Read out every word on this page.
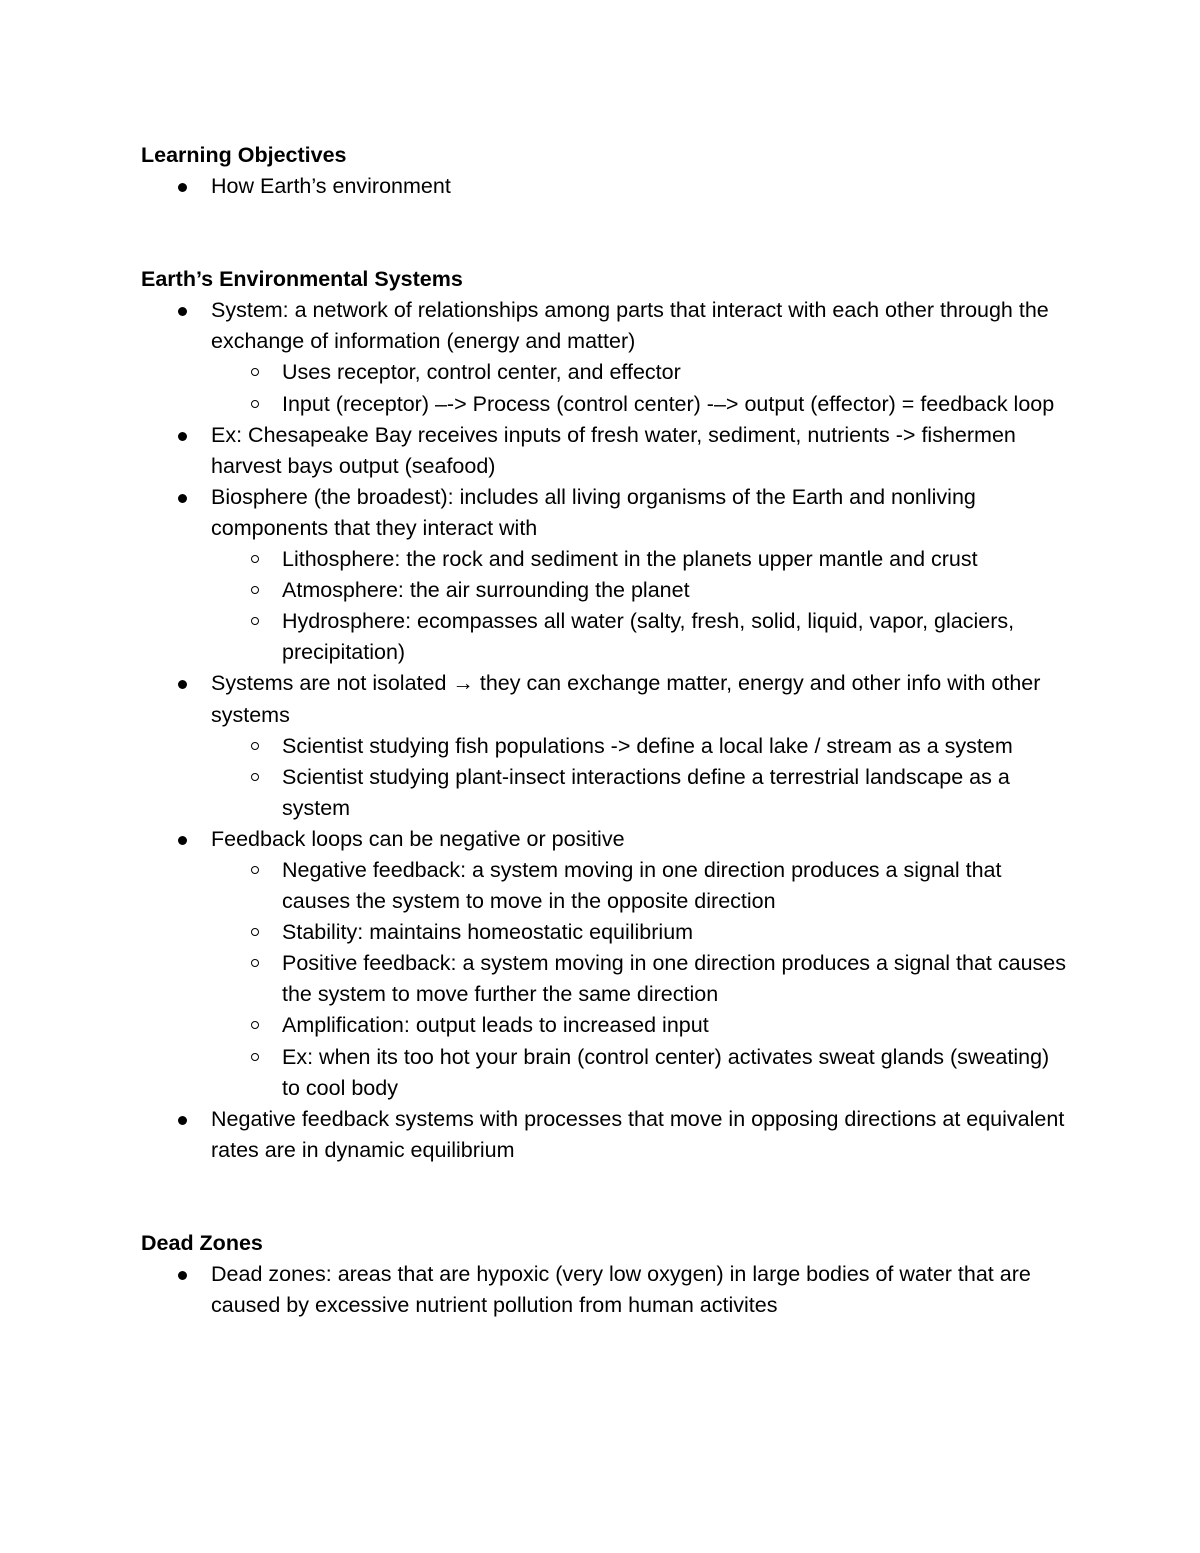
Learning Objectives

How Earth’s environment

Earth’s Environmental Systems

System: a network of relationships among parts that interact with each other through the exchange of information (energy and matter)
Uses receptor, control center, and effector
Input (receptor) –-> Process (control center) -–> output (effector) = feedback loop
Ex: Chesapeake Bay receives inputs of fresh water, sediment, nutrients -> fishermen harvest bays output (seafood)
Biosphere (the broadest): includes all living organisms of the Earth and nonliving components that they interact with
Lithosphere: the rock and sediment in the planets upper mantle and crust
Atmosphere: the air surrounding the planet
Hydrosphere: ecompasses all water (salty, fresh, solid, liquid, vapor, glaciers, precipitation)
Systems are not isolated → they can exchange matter, energy and other info with other systems
Scientist studying fish populations -> define a local lake / stream as a system
Scientist studying plant-insect interactions define a terrestrial landscape as a system
Feedback loops can be negative or positive
Negative feedback: a system moving in one direction produces a signal that causes the system to move in the opposite direction
Stability: maintains homeostatic equilibrium
Positive feedback: a system moving in one direction produces a signal that causes the system to move further the same direction
Amplification: output leads to increased input
Ex: when its too hot your brain (control center) activates sweat glands (sweating) to cool body
Negative feedback systems with processes that move in opposing directions at equivalent rates are in dynamic equilibrium

Dead Zones

Dead zones: areas that are hypoxic (very low oxygen) in large bodies of water that are caused by excessive nutrient pollution from human activites
